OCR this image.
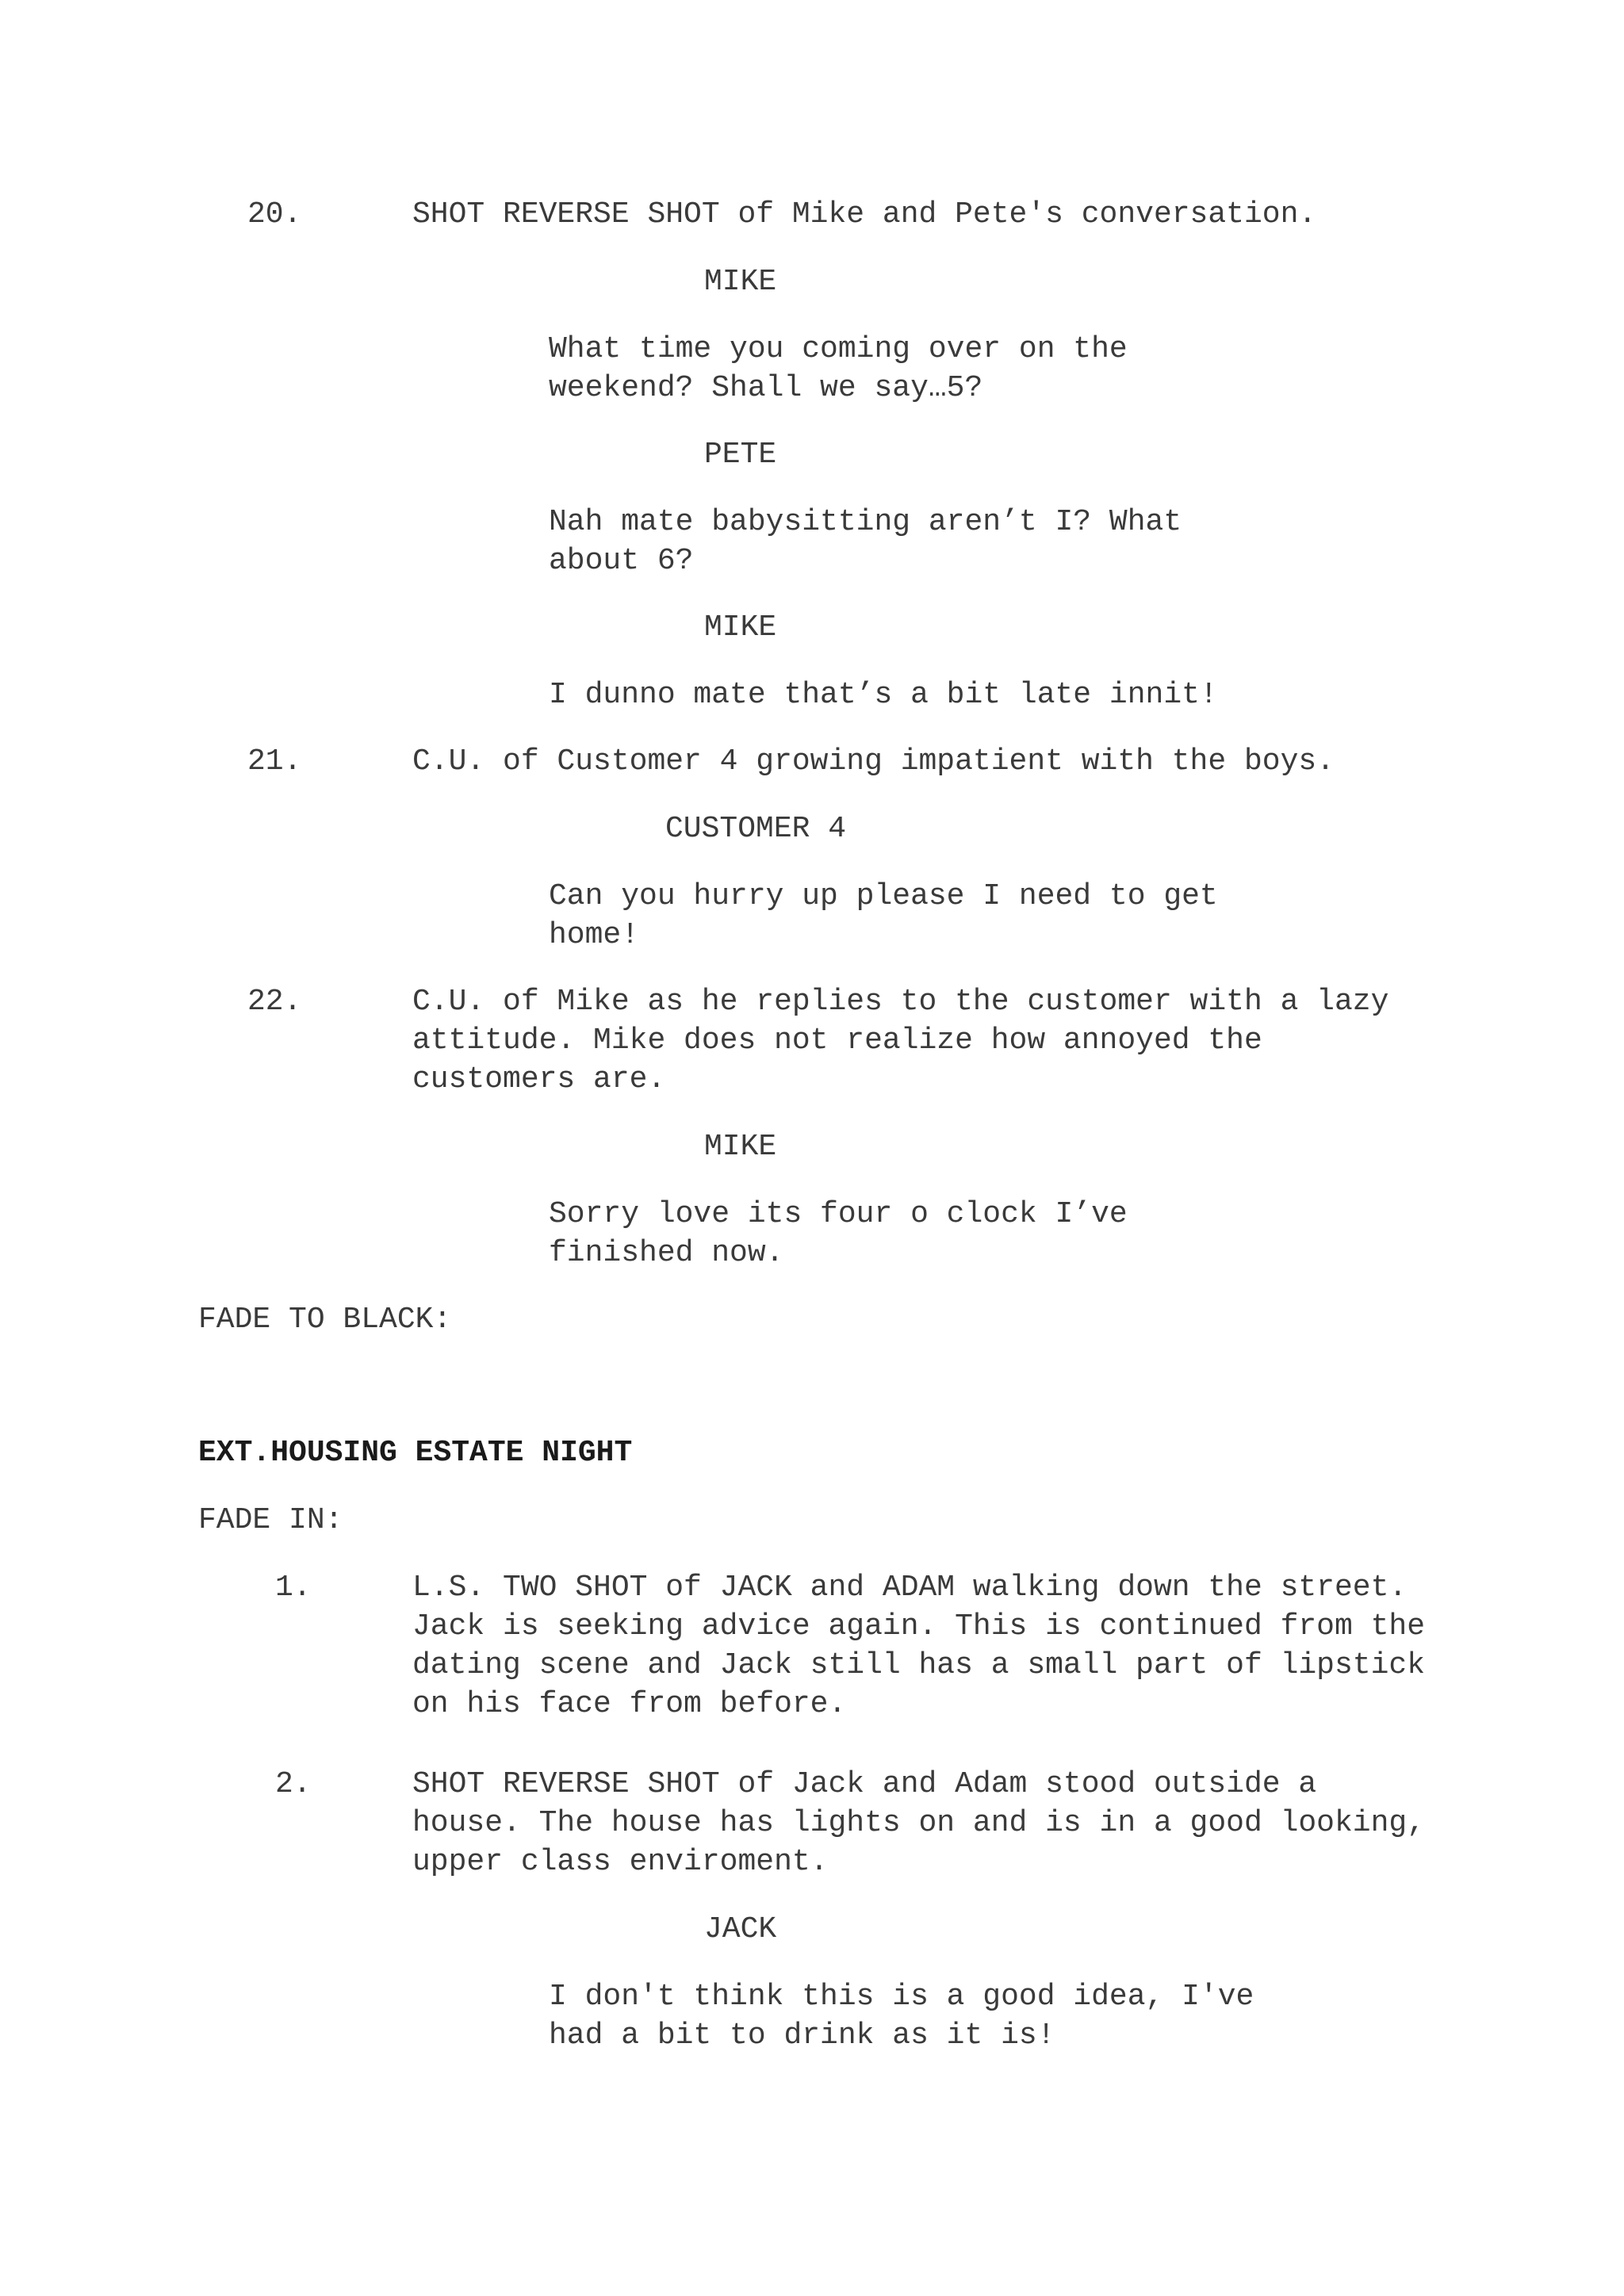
20.	SHOT REVERSE SHOT of Mike and Pete's conversation.
MIKE
What time you coming over on the
weekend? Shall we say…5?
PETE
Nah mate babysitting aren’t I? What
about 6?
MIKE
I dunno mate that’s a bit late innit!
21.	C.U. of Customer 4 growing impatient with the boys.
CUSTOMER 4
Can you hurry up please I need to get
home!
22.	C.U. of Mike as he replies to the customer with a lazy
attitude. Mike does not realize how annoyed the
customers are.
MIKE
Sorry love its four o clock I’ve
finished now.
FADE TO BLACK:
EXT.HOUSING ESTATE NIGHT
FADE IN:
1.	L.S. TWO SHOT of JACK and ADAM walking down the street.
Jack is seeking advice again. This is continued from the
dating scene and Jack still has a small part of lipstick
on his face from before.
2.	SHOT REVERSE SHOT of Jack and Adam stood outside a
house. The house has lights on and is in a good looking,
upper class enviroment.
JACK
I don't think this is a good idea, I've
had a bit to drink as it is!
